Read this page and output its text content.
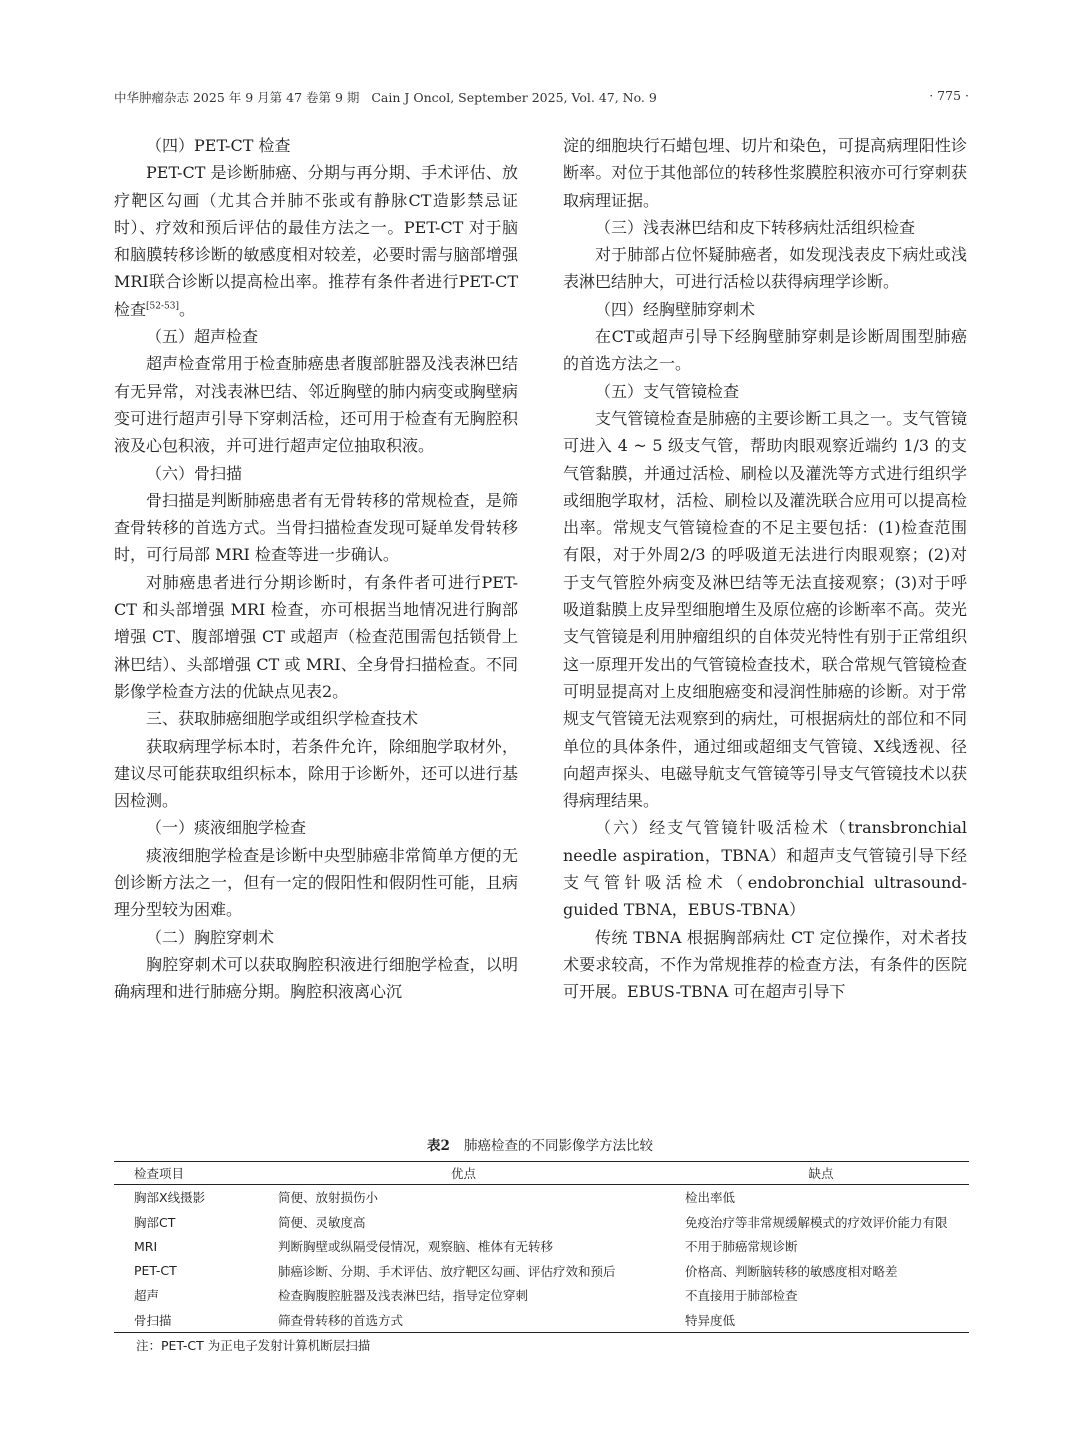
中华肿瘤杂志 2025 年 9 月第 47 卷第 9 期 Cain J Oncol, September 2025, Vol. 47, No. 9	· 775 ·
（四）PET-CT 检查

PET-CT 是诊断肺癌、分期与再分期、手术评估、放疗靶区勾画（尤其合并肺不张或有静脉CT造影禁忌证时）、疗效和预后评估的最佳方法之一。PET-CT 对于脑和脑膜转移诊断的敏感度相对较差，必要时需与脑部增强MRI联合诊断以提高检出率。推荐有条件者进行PET-CT检查[52-53]。

（五）超声检查

超声检查常用于检查肺癌患者腹部脏器及浅表淋巴结有无异常，对浅表淋巴结、邻近胸壁的肺内病变或胸壁病变可进行超声引导下穿刺活检，还可用于检查有无胸腔积液及心包积液，并可进行超声定位抽取积液。

（六）骨扫描

骨扫描是判断肺癌患者有无骨转移的常规检查，是筛查骨转移的首选方式。当骨扫描检查发现可疑单发骨转移时，可行局部 MRI 检查等进一步确认。

对肺癌患者进行分期诊断时，有条件者可进行PET-CT 和头部增强 MRI 检查，亦可根据当地情况进行胸部增强 CT、腹部增强 CT 或超声（检查范围需包括锁骨上淋巴结）、头部增强 CT 或 MRI、全身骨扫描检查。不同影像学检查方法的优缺点见表2。

三、获取肺癌细胞学或组织学检查技术

获取病理学标本时，若条件允许，除细胞学取材外，建议尽可能获取组织标本，除用于诊断外，还可以进行基因检测。

（一）痰液细胞学检查

痰液细胞学检查是诊断中央型肺癌非常简单方便的无创诊断方法之一，但有一定的假阳性和假阴性可能，且病理分型较为困难。

（二）胸腔穿刺术

胸腔穿刺术可以获取胸腔积液进行细胞学检查，以明确病理和进行肺癌分期。胸腔积液离心沉

淀的细胞块行石蜡包埋、切片和染色，可提高病理阳性诊断率。对位于其他部位的转移性浆膜腔积液亦可行穿刺获取病理证据。

（三）浅表淋巴结和皮下转移病灶活组织检查

对于肺部占位怀疑肺癌者，如发现浅表皮下病灶或浅表淋巴结肿大，可进行活检以获得病理学诊断。

（四）经胸壁肺穿刺术

在CT或超声引导下经胸壁肺穿刺是诊断周围型肺癌的首选方法之一。

（五）支气管镜检查

支气管镜检查是肺癌的主要诊断工具之一。支气管镜可进入 4 ~ 5 级支气管，帮助肉眼观察近端约 1/3 的支气管黏膜，并通过活检、刷检以及灌洗等方式进行组织学或细胞学取材，活检、刷检以及灌洗联合应用可以提高检出率。常规支气管镜检查的不足主要包括：(1)检查范围有限，对于外周2/3 的呼吸道无法进行肉眼观察；(2)对于支气管腔外病变及淋巴结等无法直接观察；(3)对于呼吸道黏膜上皮异型细胞增生及原位癌的诊断率不高。荧光支气管镜是利用肿瘤组织的自体荧光特性有别于正常组织这一原理开发出的气管镜检查技术，联合常规气管镜检查可明显提高对上皮细胞癌变和浸润性肺癌的诊断。对于常规支气管镜无法观察到的病灶，可根据病灶的部位和不同单位的具体条件，通过细或超细支气管镜、X线透视、径向超声探头、电磁导航支气管镜等引导支气管镜技术以获得病理结果。

（六）经支气管镜针吸活检术（transbronchial needle aspiration，TBNA）和超声支气管镜引导下经支气管针吸活检术（endobronchial ultrasound-guided TBNA，EBUS-TBNA）

传统 TBNA 根据胸部病灶 CT 定位操作，对术者技术要求较高，不作为常规推荐的检查方法，有条件的医院可开展。EBUS-TBNA 可在超声引导下

表2 肺癌检查的不同影像学方法比较
检查项目	优点	缺点
胸部X线摄影	简便、放射损伤小	检出率低
胸部CT	简便、灵敏度高	免疫治疗等非常规缓解模式的疗效评价能力有限
MRI	判断胸壁或纵隔受侵情况，观察脑、椎体有无转移	不用于肺癌常规诊断
PET-CT	肺癌诊断、分期、手术评估、放疗靶区勾画、评估疗效和预后	价格高、判断脑转移的敏感度相对略差
超声	检查胸腹腔脏器及浅表淋巴结，指导定位穿刺	不直接用于肺部检查
骨扫描	筛查骨转移的首选方式	特异度低
注：PET-CT 为正电子发射计算机断层扫描
